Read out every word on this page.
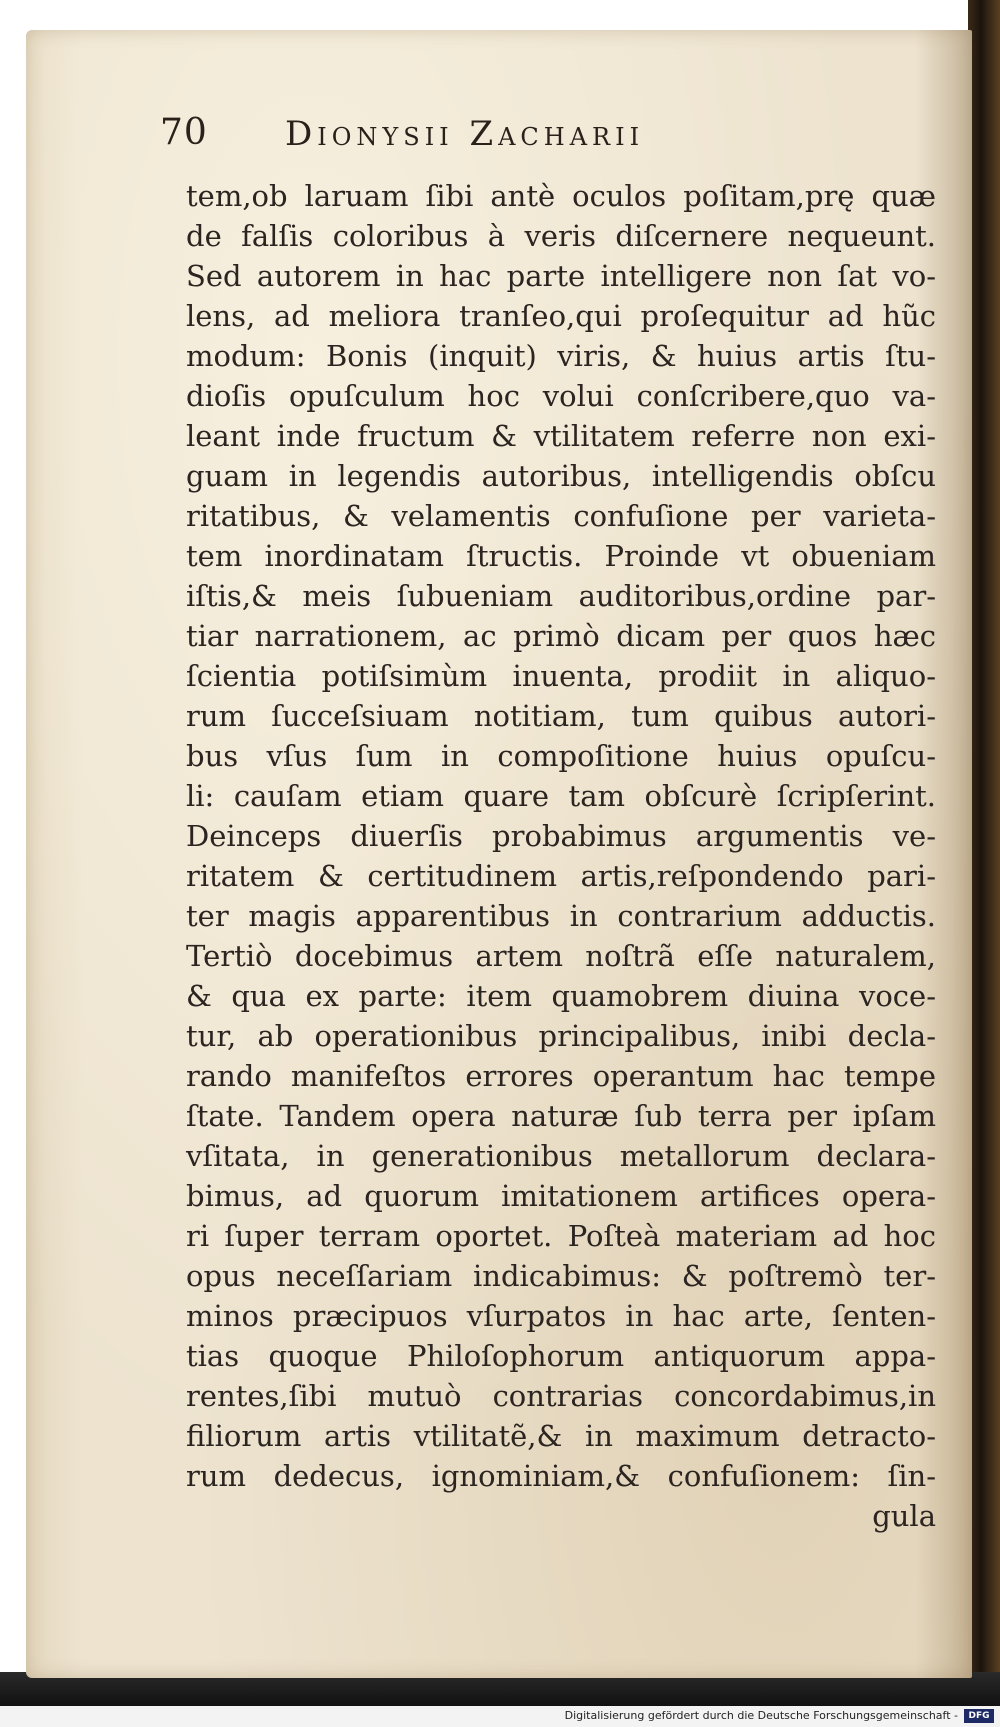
70 Dionysii Zacharii
tem,ob laruam ſibi antè oculos poſitam,prę quæ
de falſis coloribus à veris diſcernere nequeunt.
Sed autorem in hac parte intelligere non ſat vo-
lens, ad meliora tranſeo,qui proſequitur ad hũc
modum: Bonis (inquit) viris, & huius artis ſtu-
dioſis opuſculum hoc volui conſcribere,quo va-
leant inde fructum & vtilitatem referre non exi-
guam in legendis autoribus, intelligendis obſcu
ritatibus, & velamentis confuſione per varieta-
tem inordinatam ſtructis. Proinde vt obueniam
iſtis,& meis ſubueniam auditoribus,ordine par-
tiar narrationem, ac primò dicam per quos hæc
ſcientia potiſsimùm inuenta, prodiit in aliquo-
rum ſucceſsiuam notitiam, tum quibus autori-
bus vſus ſum in compoſitione huius opuſcu-
li: cauſam etiam quare tam obſcurè ſcripſerint.
Deinceps diuerſis probabimus argumentis ve-
ritatem & certitudinem artis,reſpondendo pari-
ter magis apparentibus in contrarium adductis.
Tertiò docebimus artem noſtrã eſſe naturalem,
& qua ex parte: item quamobrem diuina voce-
tur, ab operationibus principalibus, inibi decla-
rando manifeſtos errores operantum hac tempe
ſtate. Tandem opera naturæ ſub terra per ipſam
vſitata, in generationibus metallorum declara-
bimus, ad quorum imitationem artifices opera-
ri ſuper terram oportet. Poſteà materiam ad hoc
opus neceſſariam indicabimus: & poſtremò ter-
minos præcipuos vſurpatos in hac arte, ſenten-
tias quoque Philoſophorum antiquorum appa-
rentes,ſibi mutuò contrarias concordabimus,in
filiorum artis vtilitatẽ,& in maximum detracto-
rum dedecus, ignominiam,& confuſionem: ſin-
gula
Digitalisierung gefördert durch die Deutsche Forschungsgemeinschaft -	DFG
